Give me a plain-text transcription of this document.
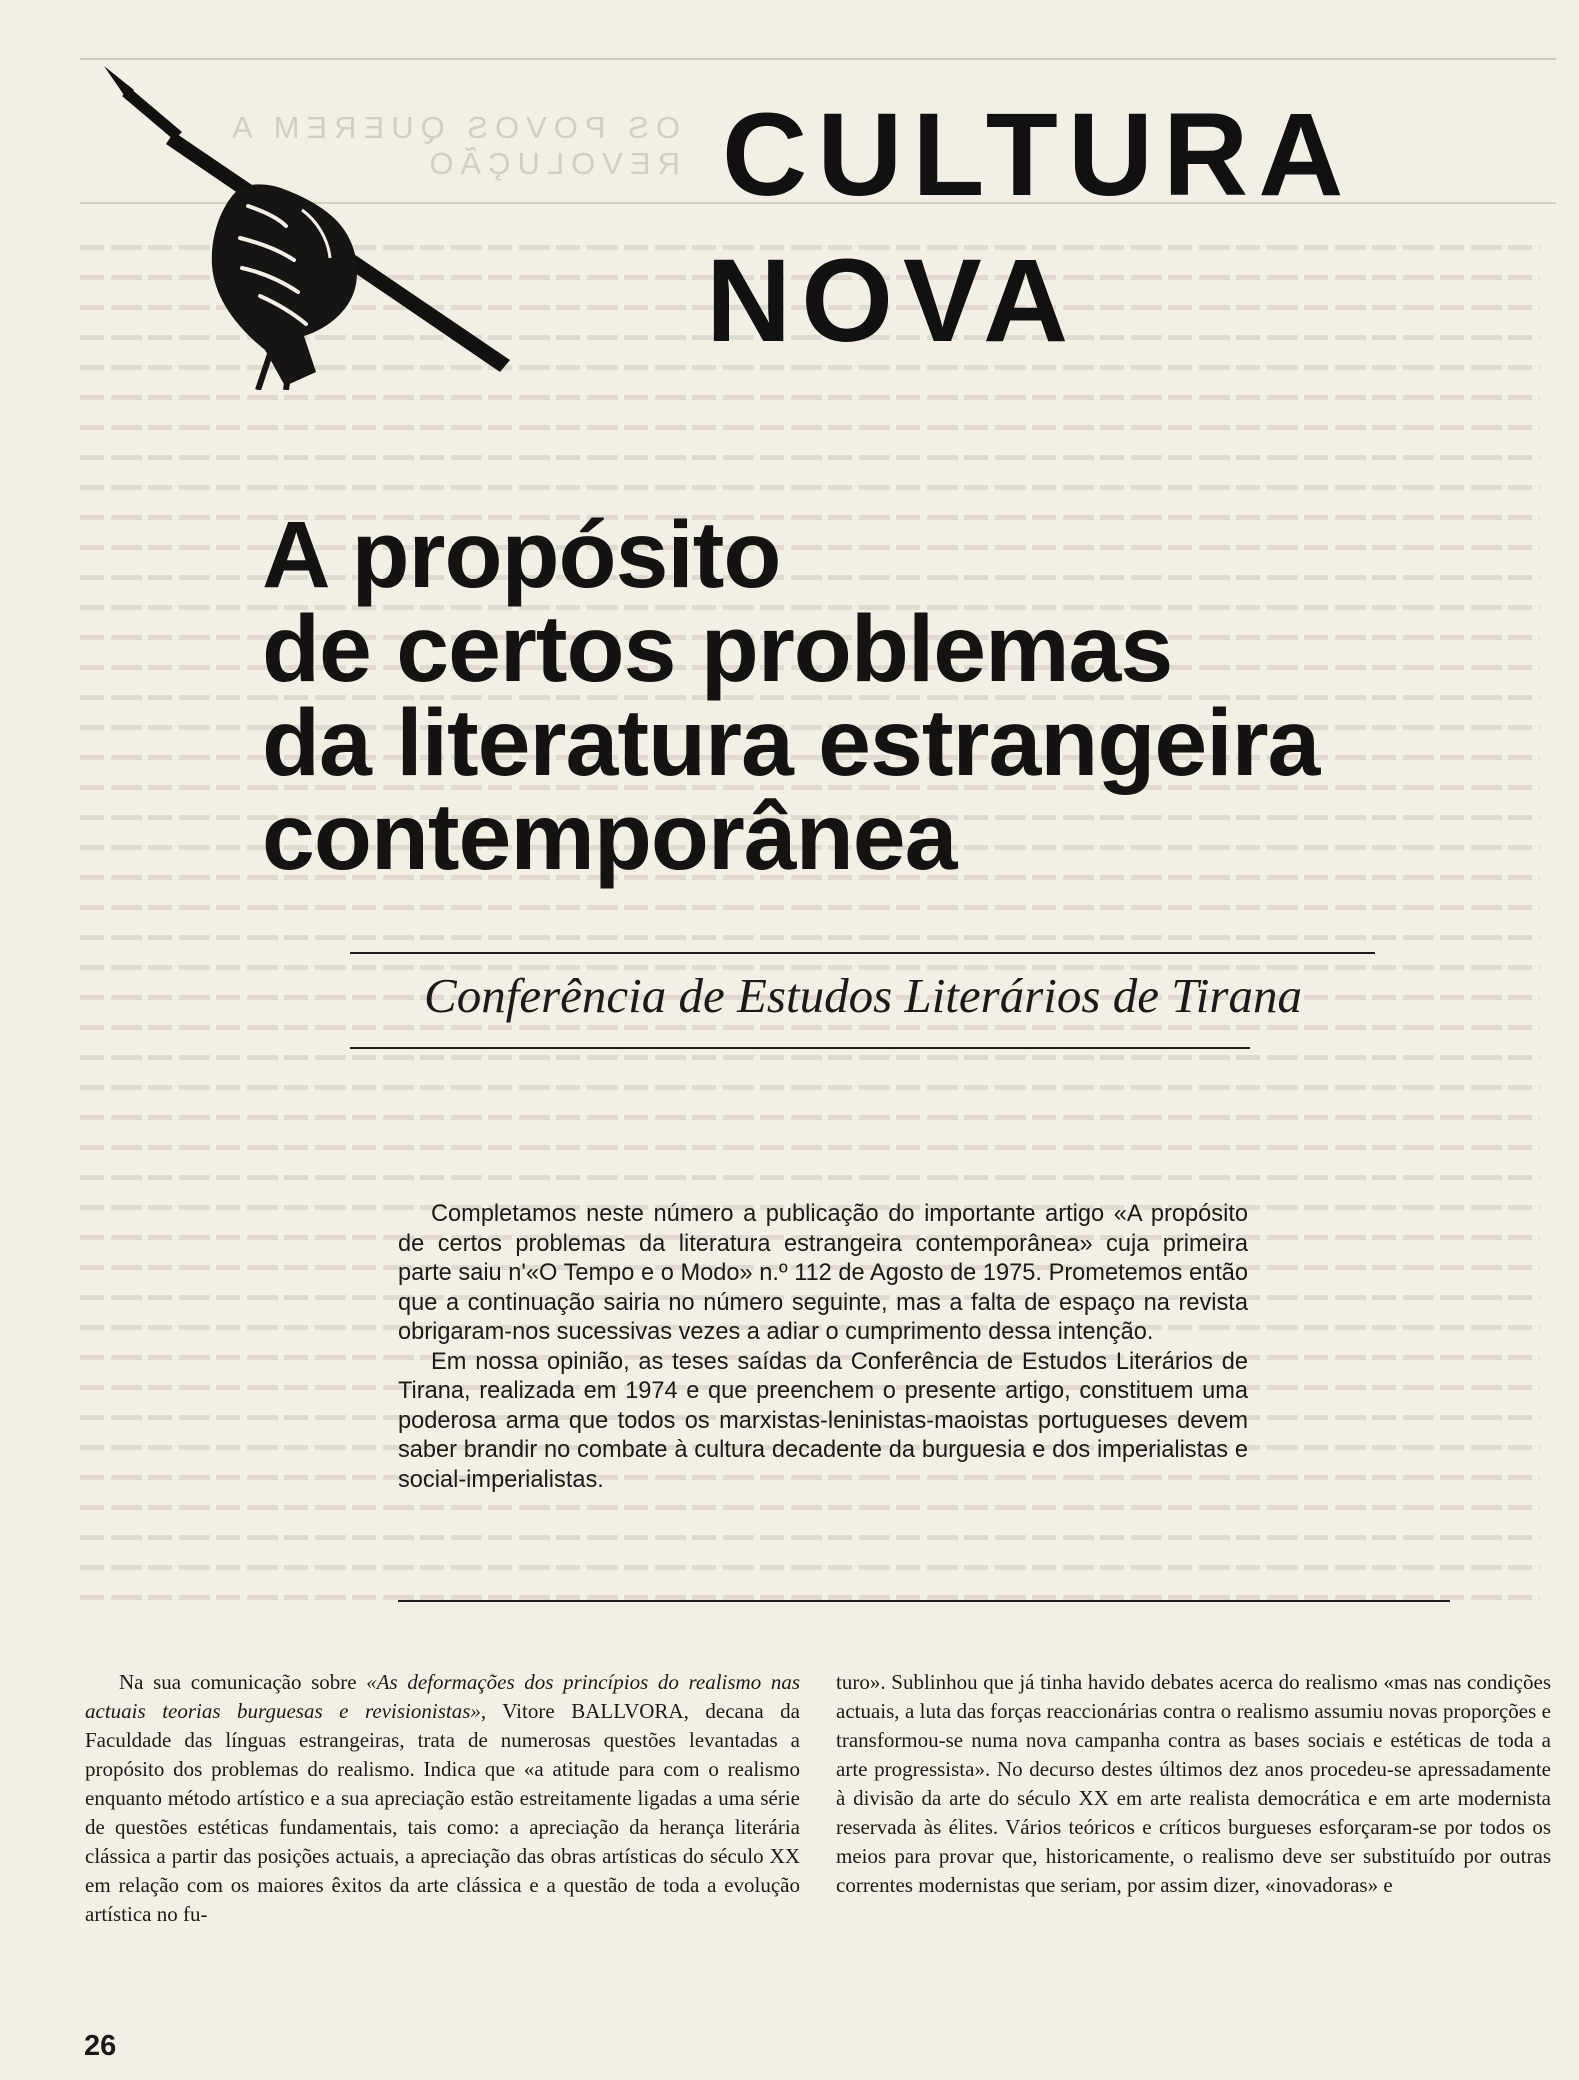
OS POVOS QUEREM A REVOLUÇÃO CULTURA
NOVA
A propósito
de certos problemas
da literatura estrangeira
contemporânea
Conferência de Estudos Literários de Tirana

Completamos neste número a publicação do importante artigo «A propósito de certos problemas da literatura estrangeira contemporânea» cuja primeira parte saiu n'«O Tempo e o Modo» n.º 112 de Agosto de 1975. Prometemos então que a continuação sairia no número seguinte, mas a falta de espaço na revista obrigaram-nos sucessivas vezes a adiar o cumprimento dessa intenção.

Em nossa opinião, as teses saídas da Conferência de Estudos Literários de Tirana, realizada em 1974 e que preenchem o presente artigo, constituem uma poderosa arma que todos os marxistas-leninistas-maoistas portugueses devem saber brandir no combate à cultura decadente da burguesia e dos imperialistas e social-imperialistas.

Na sua comunicação sobre «As deformações dos princípios do realismo nas actuais teorias burguesas e revisionistas», Vitore BALLVORA, decana da Faculdade das línguas estrangeiras, trata de numerosas questões levantadas a propósito dos problemas do realismo. Indica que «a atitude para com o realismo enquanto método artístico e a sua apreciação estão estreitamente ligadas a uma série de questões estéticas fundamentais, tais como: a apreciação da herança literária clássica a partir das posições actuais, a apreciação das obras artísticas do século XX em relação com os maiores êxitos da arte clássica e a questão de toda a evolução artística no fu-
turo». Sublinhou que já tinha havido debates acerca do realismo «mas nas condições actuais, a luta das forças reaccionárias contra o realismo assumiu novas proporções e transformou-se numa nova campanha contra as bases sociais e estéticas de toda a arte progressista». No decurso destes últimos dez anos procedeu-se apressadamente à divisão da arte do século XX em arte realista democrática e em arte modernista reservada às élites. Vários teóricos e críticos burgueses esforçaram-se por todos os meios para provar que, historicamente, o realismo deve ser substituído por outras correntes modernistas que seriam, por assim dizer, «inovadoras» e
26
